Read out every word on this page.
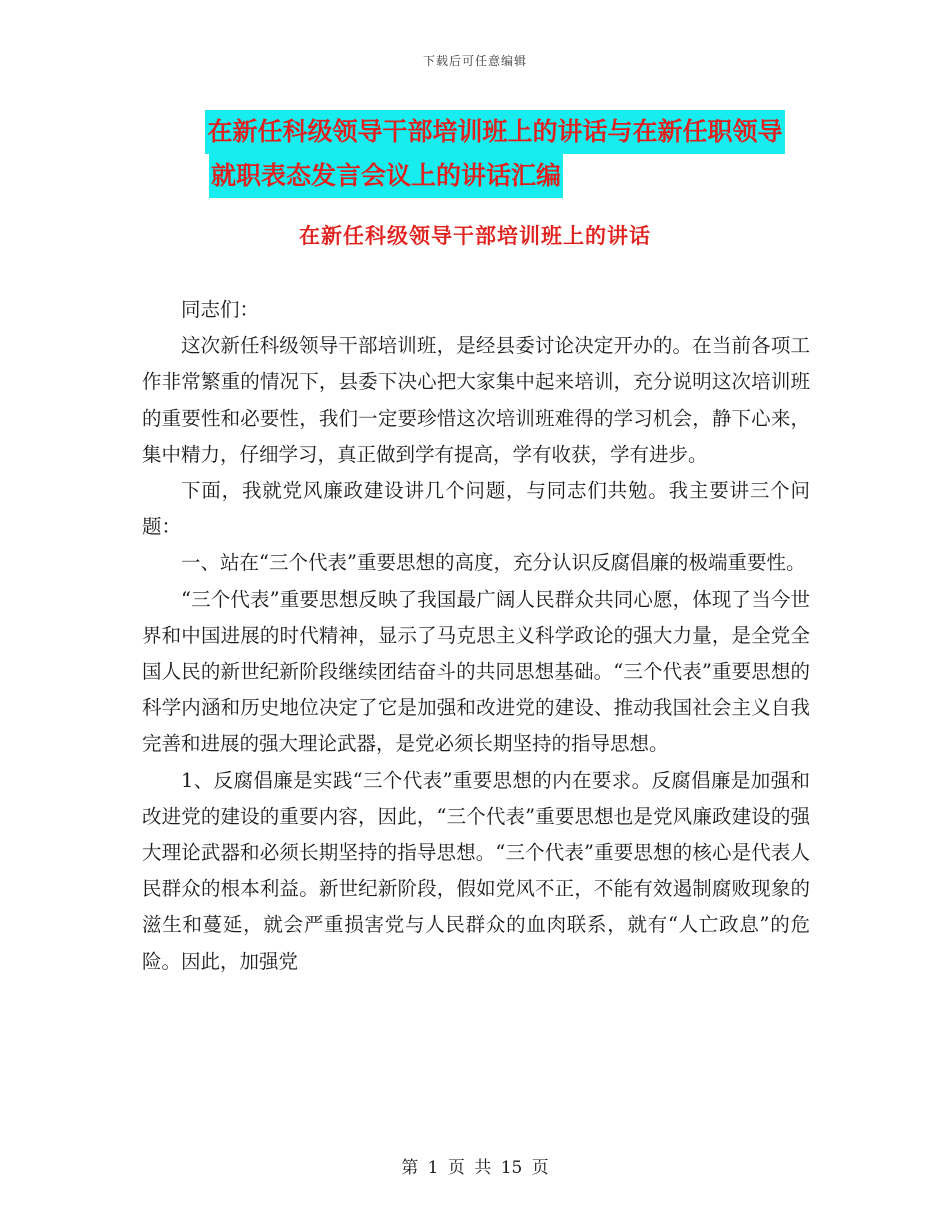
下载后可任意编辑
在新任科级领导干部培训班上的讲话与在新任职领导
就职表态发言会议上的讲话汇编
在新任科级领导干部培训班上的讲话

同志们：

这次新任科级领导干部培训班，是经县委讨论决定开办的。在当前各项工作非常繁重的情况下，县委下决心把大家集中起来培训，充分说明这次培训班的重要性和必要性，我们一定要珍惜这次培训班难得的学习机会，静下心来，集中精力，仔细学习，真正做到学有提高，学有收获，学有进步。

下面，我就党风廉政建设讲几个问题，与同志们共勉。我主要讲三个问题：

一、站在“三个代表”重要思想的高度，充分认识反腐倡廉的极端重要性。

“三个代表”重要思想反映了我国最广阔人民群众共同心愿，体现了当今世界和中国进展的时代精神，显示了马克思主义科学政论的强大力量，是全党全国人民的新世纪新阶段继续团结奋斗的共同思想基础。“三个代表”重要思想的科学内涵和历史地位决定了它是加强和改进党的建设、推动我国社会主义自我完善和进展的强大理论武器，是党必须长期坚持的指导思想。

1、反腐倡廉是实践“三个代表”重要思想的内在要求。反腐倡廉是加强和改进党的建设的重要内容，因此，“三个代表”重要思想也是党风廉政建设的强大理论武器和必须长期坚持的指导思想。“三个代表”重要思想的核心是代表人民群众的根本利益。新世纪新阶段，假如党风不正，不能有效遏制腐败现象的滋生和蔓延，就会严重损害党与人民群众的血肉联系，就有“人亡政息”的危险。因此，加强党

第 1 页 共 15 页
